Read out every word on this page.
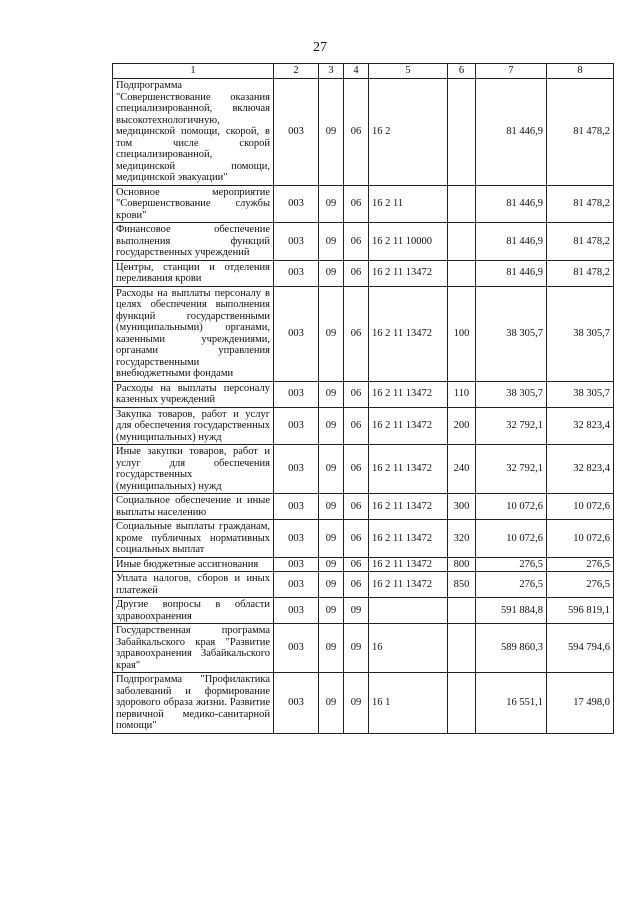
27
1	2	3	4	5	6	7	8
Подпрограмма "Совершенствование оказания специализированной, включая высокотехнологичную, медицинской помощи, скорой, в том числе скорой специализированной, медицинской помощи, медицинской эвакуации"	003	09	06	16 2		81 446,9	81 478,2
Основное мероприятие "Совершенствование службы крови"	003	09	06	16 2 11		81 446,9	81 478,2
Финансовое обеспечение выполнения функций государственных учреждений	003	09	06	16 2 11 10000		81 446,9	81 478,2
Центры, станции и отделения переливания крови	003	09	06	16 2 11 13472		81 446,9	81 478,2
Расходы на выплаты персоналу в целях обеспечения выполнения функций государственными (муниципальными) органами, казенными учреждениями, органами управления государственными внебюджетными фондами	003	09	06	16 2 11 13472	100	38 305,7	38 305,7
Расходы на выплаты персоналу казенных учреждений	003	09	06	16 2 11 13472	110	38 305,7	38 305,7
Закупка товаров, работ и услуг для обеспечения государственных (муниципальных) нужд	003	09	06	16 2 11 13472	200	32 792,1	32 823,4
Иные закупки товаров, работ и услуг для обеспечения государственных (муниципальных) нужд	003	09	06	16 2 11 13472	240	32 792,1	32 823,4
Социальное обеспечение и иные выплаты населению	003	09	06	16 2 11 13472	300	10 072,6	10 072,6
Социальные выплаты гражданам, кроме публичных нормативных социальных выплат	003	09	06	16 2 11 13472	320	10 072,6	10 072,6
Иные бюджетные ассигнования	003	09	06	16 2 11 13472	800	276,5	276,5
Уплата налогов, сборов и иных платежей	003	09	06	16 2 11 13472	850	276,5	276,5
Другие вопросы в области здравоохранения	003	09	09			591 884,8	596 819,1
Государственная программа Забайкальского края "Развитие здравоохранения Забайкальского края"	003	09	09	16		589 860,3	594 794,6
Подпрограмма "Профилактика заболеваний и формирование здорового образа жизни. Развитие первичной медико-санитарной помощи"	003	09	09	16 1		16 551,1	17 498,0
